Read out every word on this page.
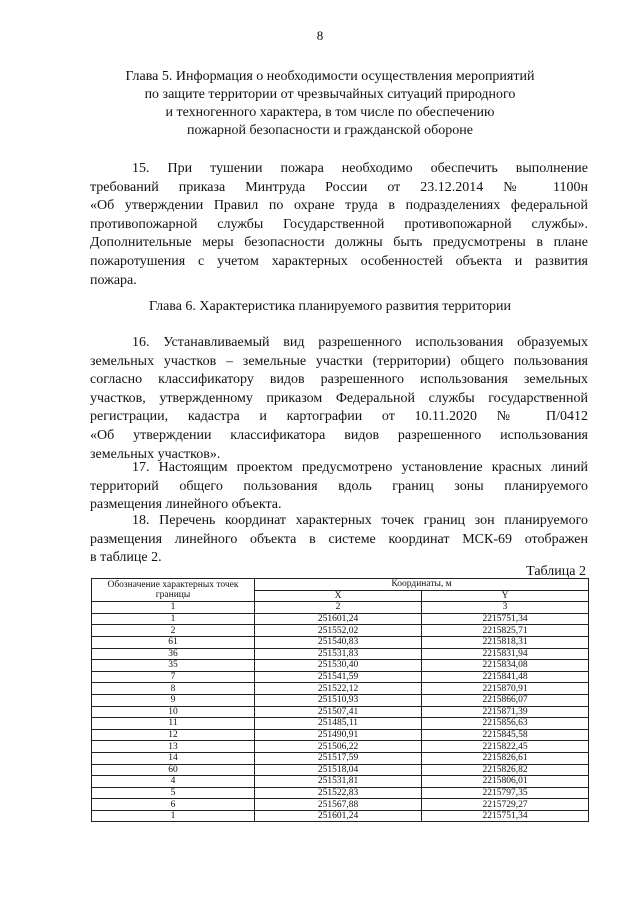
8
Глава 5. Информация о необходимости осуществления мероприятий
по защите территории от чрезвычайных ситуаций природного
и техногенного характера, в том числе по обеспечению
пожарной безопасности и гражданской обороне
15. При тушении пожара необходимо обеспечить выполнение
требований приказа Минтруда России от 23.12.2014 № 1100н
«Об утверждении Правил по охране труда в подразделениях федеральной
противопожарной службы Государственной противопожарной службы».
Дополнительные меры безопасности должны быть предусмотрены в плане
пожаротушения с учетом характерных особенностей объекта и развития
пожара.
Глава 6. Характеристика планируемого развития территории
16. Устанавливаемый вид разрешенного использования образуемых
земельных участков – земельные участки (территории) общего пользования
согласно классификатору видов разрешенного использования земельных
участков, утвержденному приказом Федеральной службы государственной
регистрации, кадастра и картографии от 10.11.2020 № П/0412
«Об утверждении классификатора видов разрешенного использования
земельных участков».
17. Настоящим проектом предусмотрено установление красных линий
территорий общего пользования вдоль границ зоны планируемого
размещения линейного объекта.
18. Перечень координат характерных точек границ зон планируемого
размещения линейного объекта в системе координат МСК-69 отображен
в таблице 2.
Таблица 2
Обозначение характерных точек границы	Координаты, м	
	X	Y
1	2	3
1	251601,24	2215751,34
2	251552,02	2215825,71
61	251540,83	2215818,31
36	251531,83	2215831,94
35	251530,40	2215834,08
7	251541,59	2215841,48
8	251522,12	2215870,91
9	251510,93	2215866,07
10	251507,41	2215871,39
11	251485,11	2215856,63
12	251490,91	2215845,58
13	251506,22	2215822,45
14	251517,59	2215826,61
60	251518,04	2215826,82
4	251531,81	2215806,01
5	251522,83	2215797,35
6	251567,88	2215729,27
1	251601,24	2215751,34
